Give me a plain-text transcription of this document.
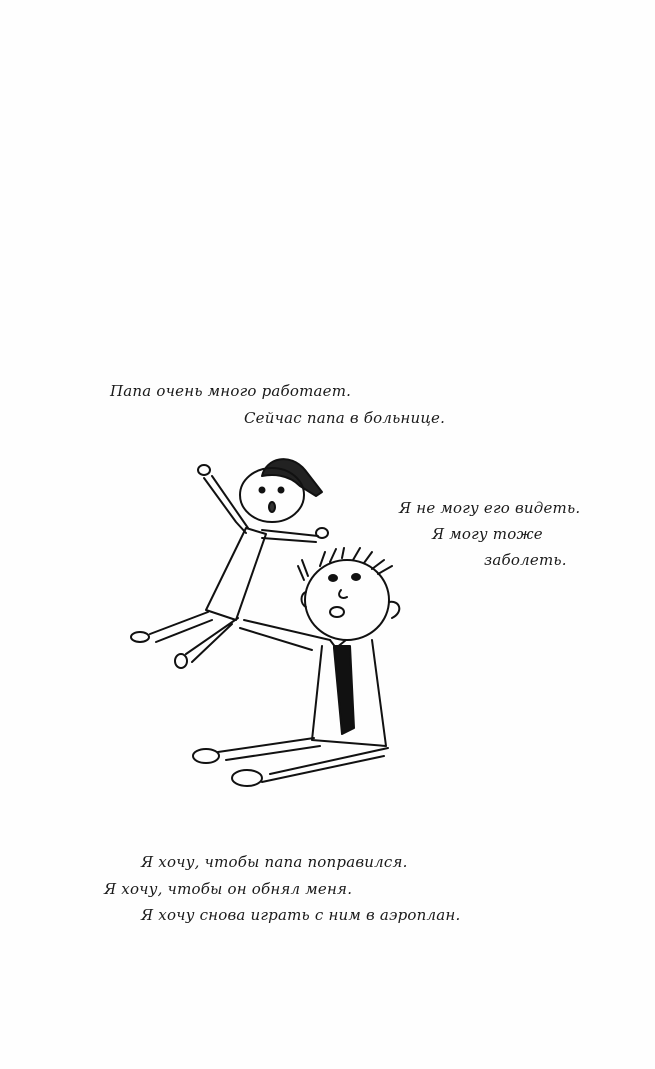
Папа очень много работает.

Сейчас папа в больнице.

Я не могу его видеть.

Я могу тоже

заболеть.

Я хочу, чтобы папа поправился.

Я хочу, чтобы он обнял меня.

Я хочу снова играть с ним в аэроплан.
